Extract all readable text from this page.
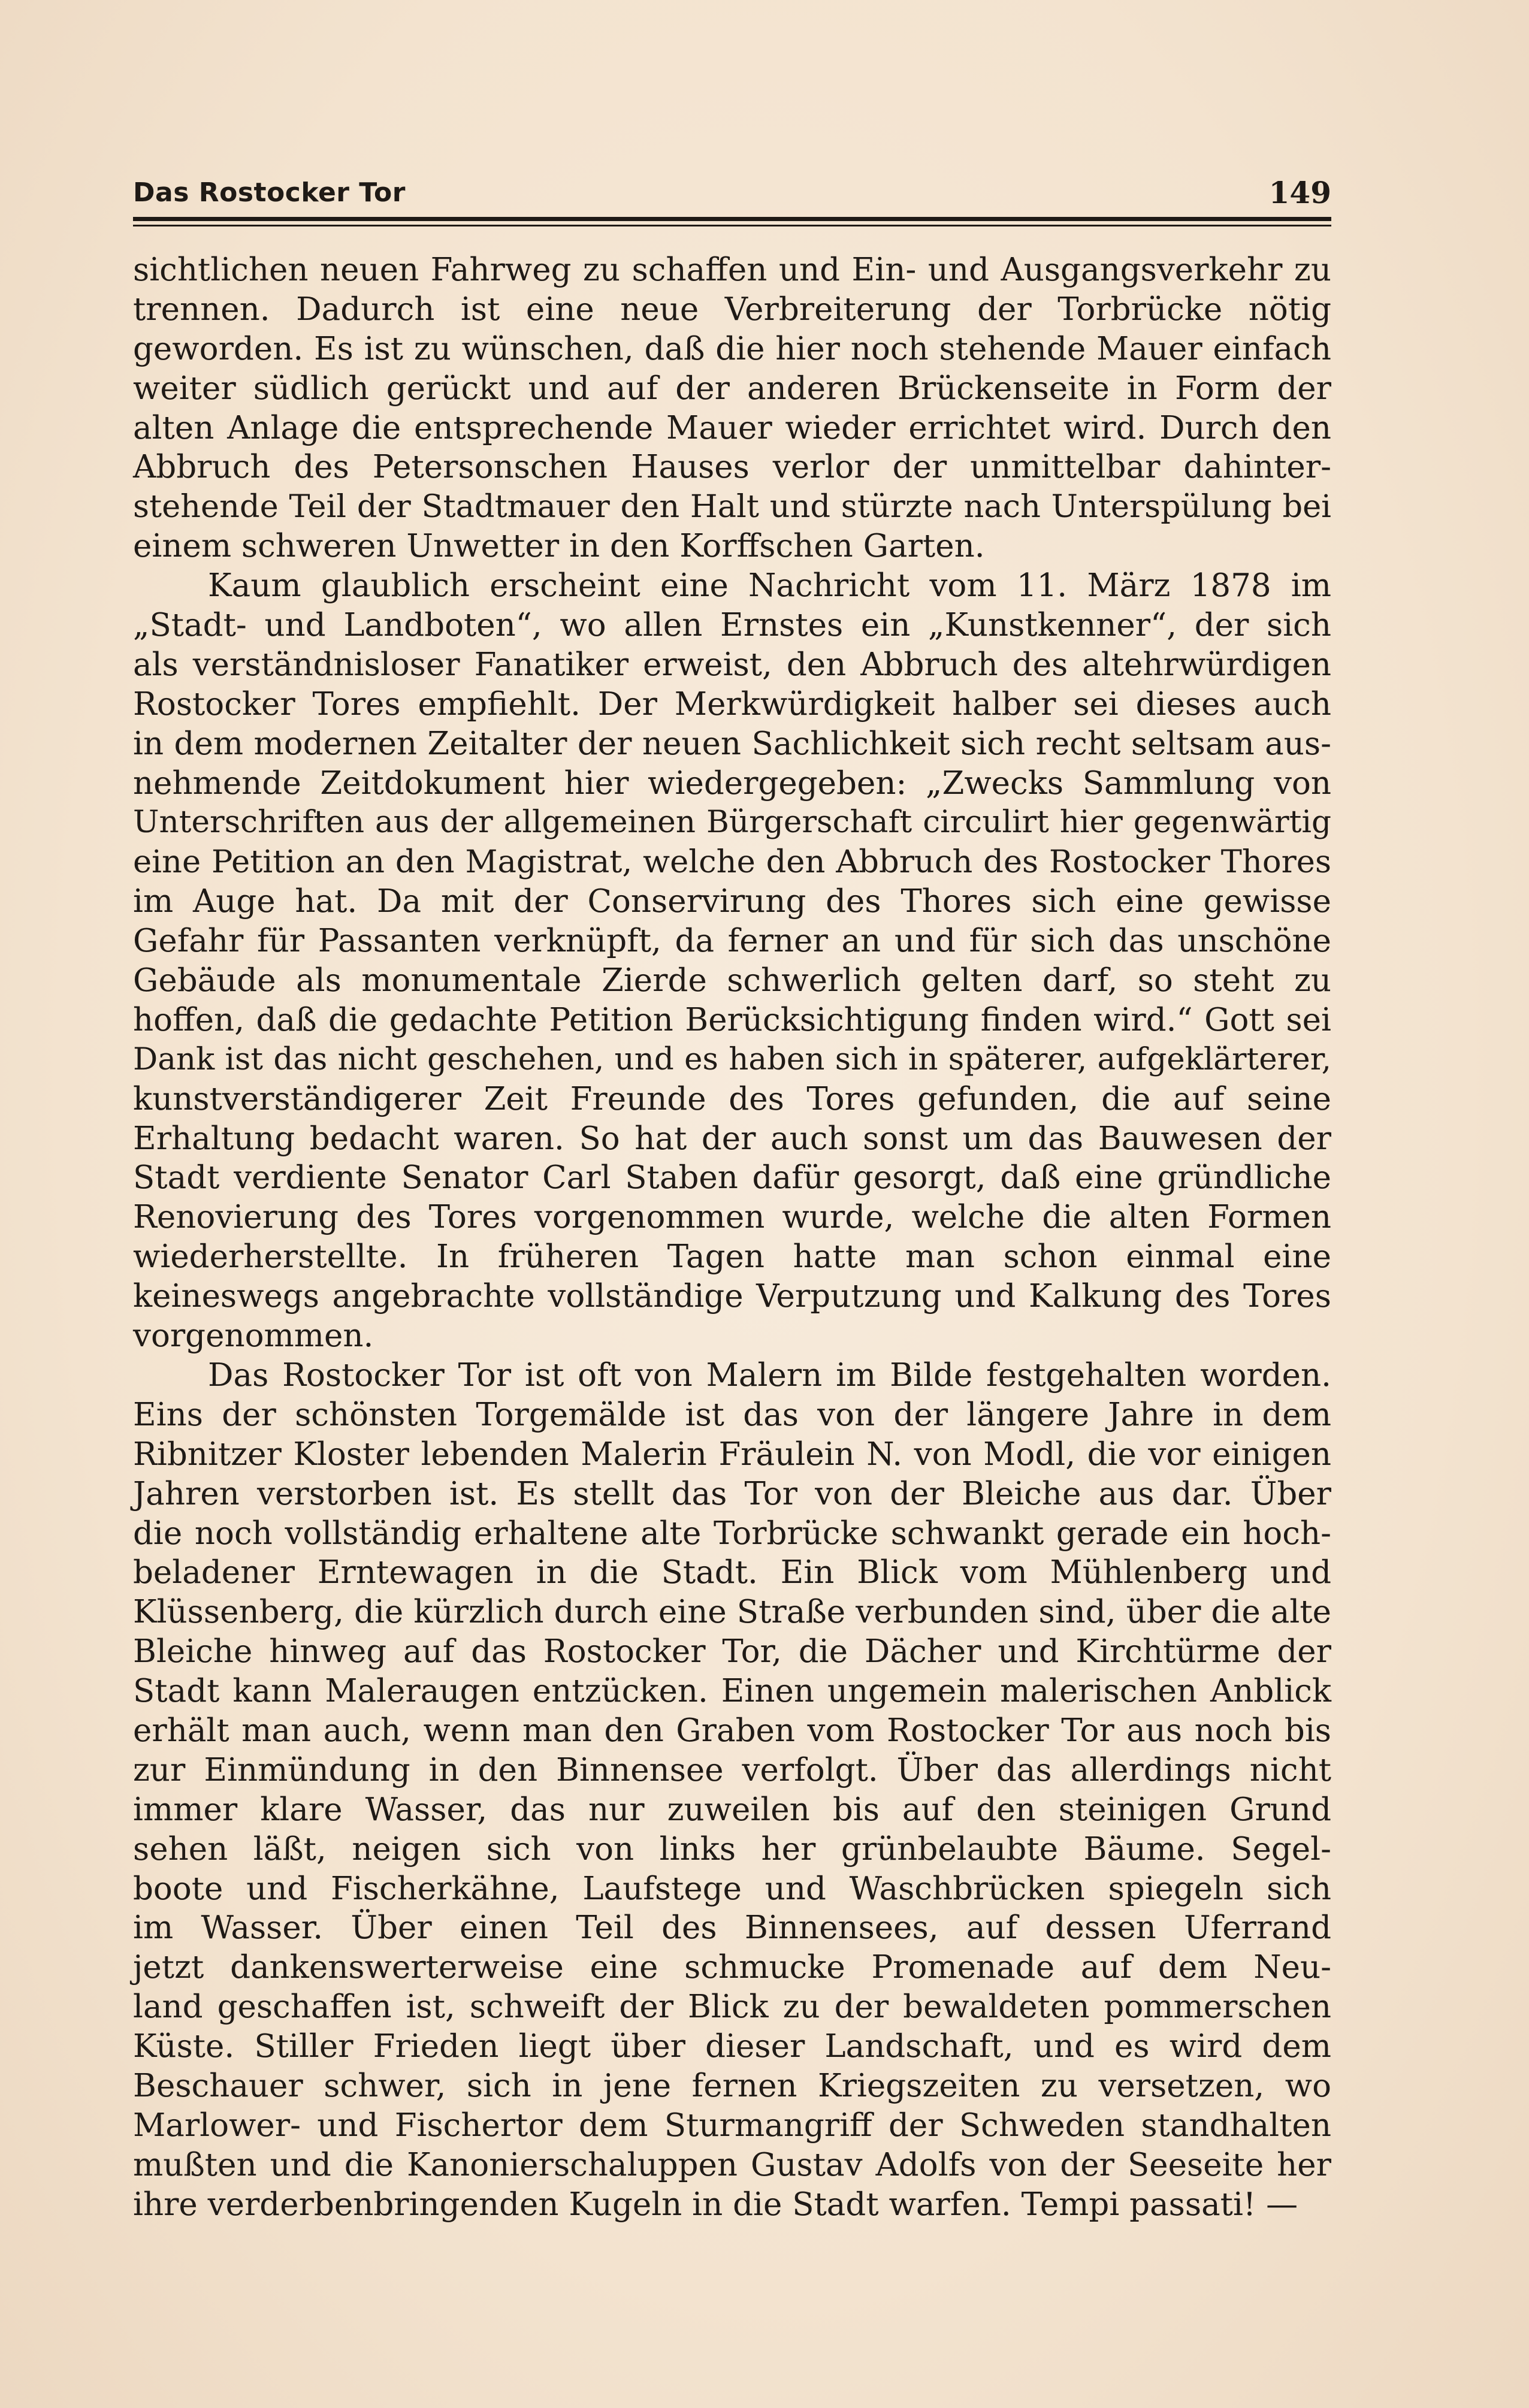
Das Rostocker Tor	149
sichtlichen neuen Fahrweg zu schaffen und Ein- und Ausgangsverkehr zu
trennen. Dadurch ist eine neue Verbreiterung der Torbrücke nötig
geworden. Es ist zu wünschen, daß die hier noch stehende Mauer einfach
weiter südlich gerückt und auf der anderen Brückenseite in Form der
alten Anlage die entsprechende Mauer wieder errichtet wird. Durch den
Abbruch des Petersonschen Hauses verlor der unmittelbar dahinter-
stehende Teil der Stadtmauer den Halt und stürzte nach Unterspülung bei
einem schweren Unwetter in den Korffschen Garten.
Kaum glaublich erscheint eine Nachricht vom 11. März 1878 im
„Stadt- und Landboten“, wo allen Ernstes ein „Kunstkenner“, der sich
als verständnisloser Fanatiker erweist, den Abbruch des altehrwürdigen
Rostocker Tores empfiehlt. Der Merkwürdigkeit halber sei dieses auch
in dem modernen Zeitalter der neuen Sachlichkeit sich recht seltsam aus-
nehmende Zeitdokument hier wiedergegeben: „Zwecks Sammlung von
Unterschriften aus der allgemeinen Bürgerschaft circulirt hier gegenwärtig
eine Petition an den Magistrat, welche den Abbruch des Rostocker Thores
im Auge hat. Da mit der Conservirung des Thores sich eine gewisse
Gefahr für Passanten verknüpft, da ferner an und für sich das unschöne
Gebäude als monumentale Zierde schwerlich gelten darf, so steht zu
hoffen, daß die gedachte Petition Berücksichtigung finden wird.“ Gott sei
Dank ist das nicht geschehen, und es haben sich in späterer, aufgeklärterer,
kunstverständigerer Zeit Freunde des Tores gefunden, die auf seine
Erhaltung bedacht waren. So hat der auch sonst um das Bauwesen der
Stadt verdiente Senator Carl Staben dafür gesorgt, daß eine gründliche
Renovierung des Tores vorgenommen wurde, welche die alten Formen
wiederherstellte. In früheren Tagen hatte man schon einmal eine
keineswegs angebrachte vollständige Verputzung und Kalkung des Tores
vorgenommen.
Das Rostocker Tor ist oft von Malern im Bilde festgehalten worden.
Eins der schönsten Torgemälde ist das von der längere Jahre in dem
Ribnitzer Kloster lebenden Malerin Fräulein N. von Modl, die vor einigen
Jahren verstorben ist. Es stellt das Tor von der Bleiche aus dar. Über
die noch vollständig erhaltene alte Torbrücke schwankt gerade ein hoch-
beladener Erntewagen in die Stadt. Ein Blick vom Mühlenberg und
Klüssenberg, die kürzlich durch eine Straße verbunden sind, über die alte
Bleiche hinweg auf das Rostocker Tor, die Dächer und Kirchtürme der
Stadt kann Maleraugen entzücken. Einen ungemein malerischen Anblick
erhält man auch, wenn man den Graben vom Rostocker Tor aus noch bis
zur Einmündung in den Binnensee verfolgt. Über das allerdings nicht
immer klare Wasser, das nur zuweilen bis auf den steinigen Grund
sehen läßt, neigen sich von links her grünbelaubte Bäume. Segel-
boote und Fischerkähne, Laufstege und Waschbrücken spiegeln sich
im Wasser. Über einen Teil des Binnensees, auf dessen Uferrand
jetzt dankenswerterweise eine schmucke Promenade auf dem Neu-
land geschaffen ist, schweift der Blick zu der bewaldeten pommerschen
Küste. Stiller Frieden liegt über dieser Landschaft, und es wird dem
Beschauer schwer, sich in jene fernen Kriegszeiten zu versetzen, wo
Marlower- und Fischertor dem Sturmangriff der Schweden standhalten
mußten und die Kanonierschaluppen Gustav Adolfs von der Seeseite her
ihre verderbenbringenden Kugeln in die Stadt warfen. Tempi passati! —
